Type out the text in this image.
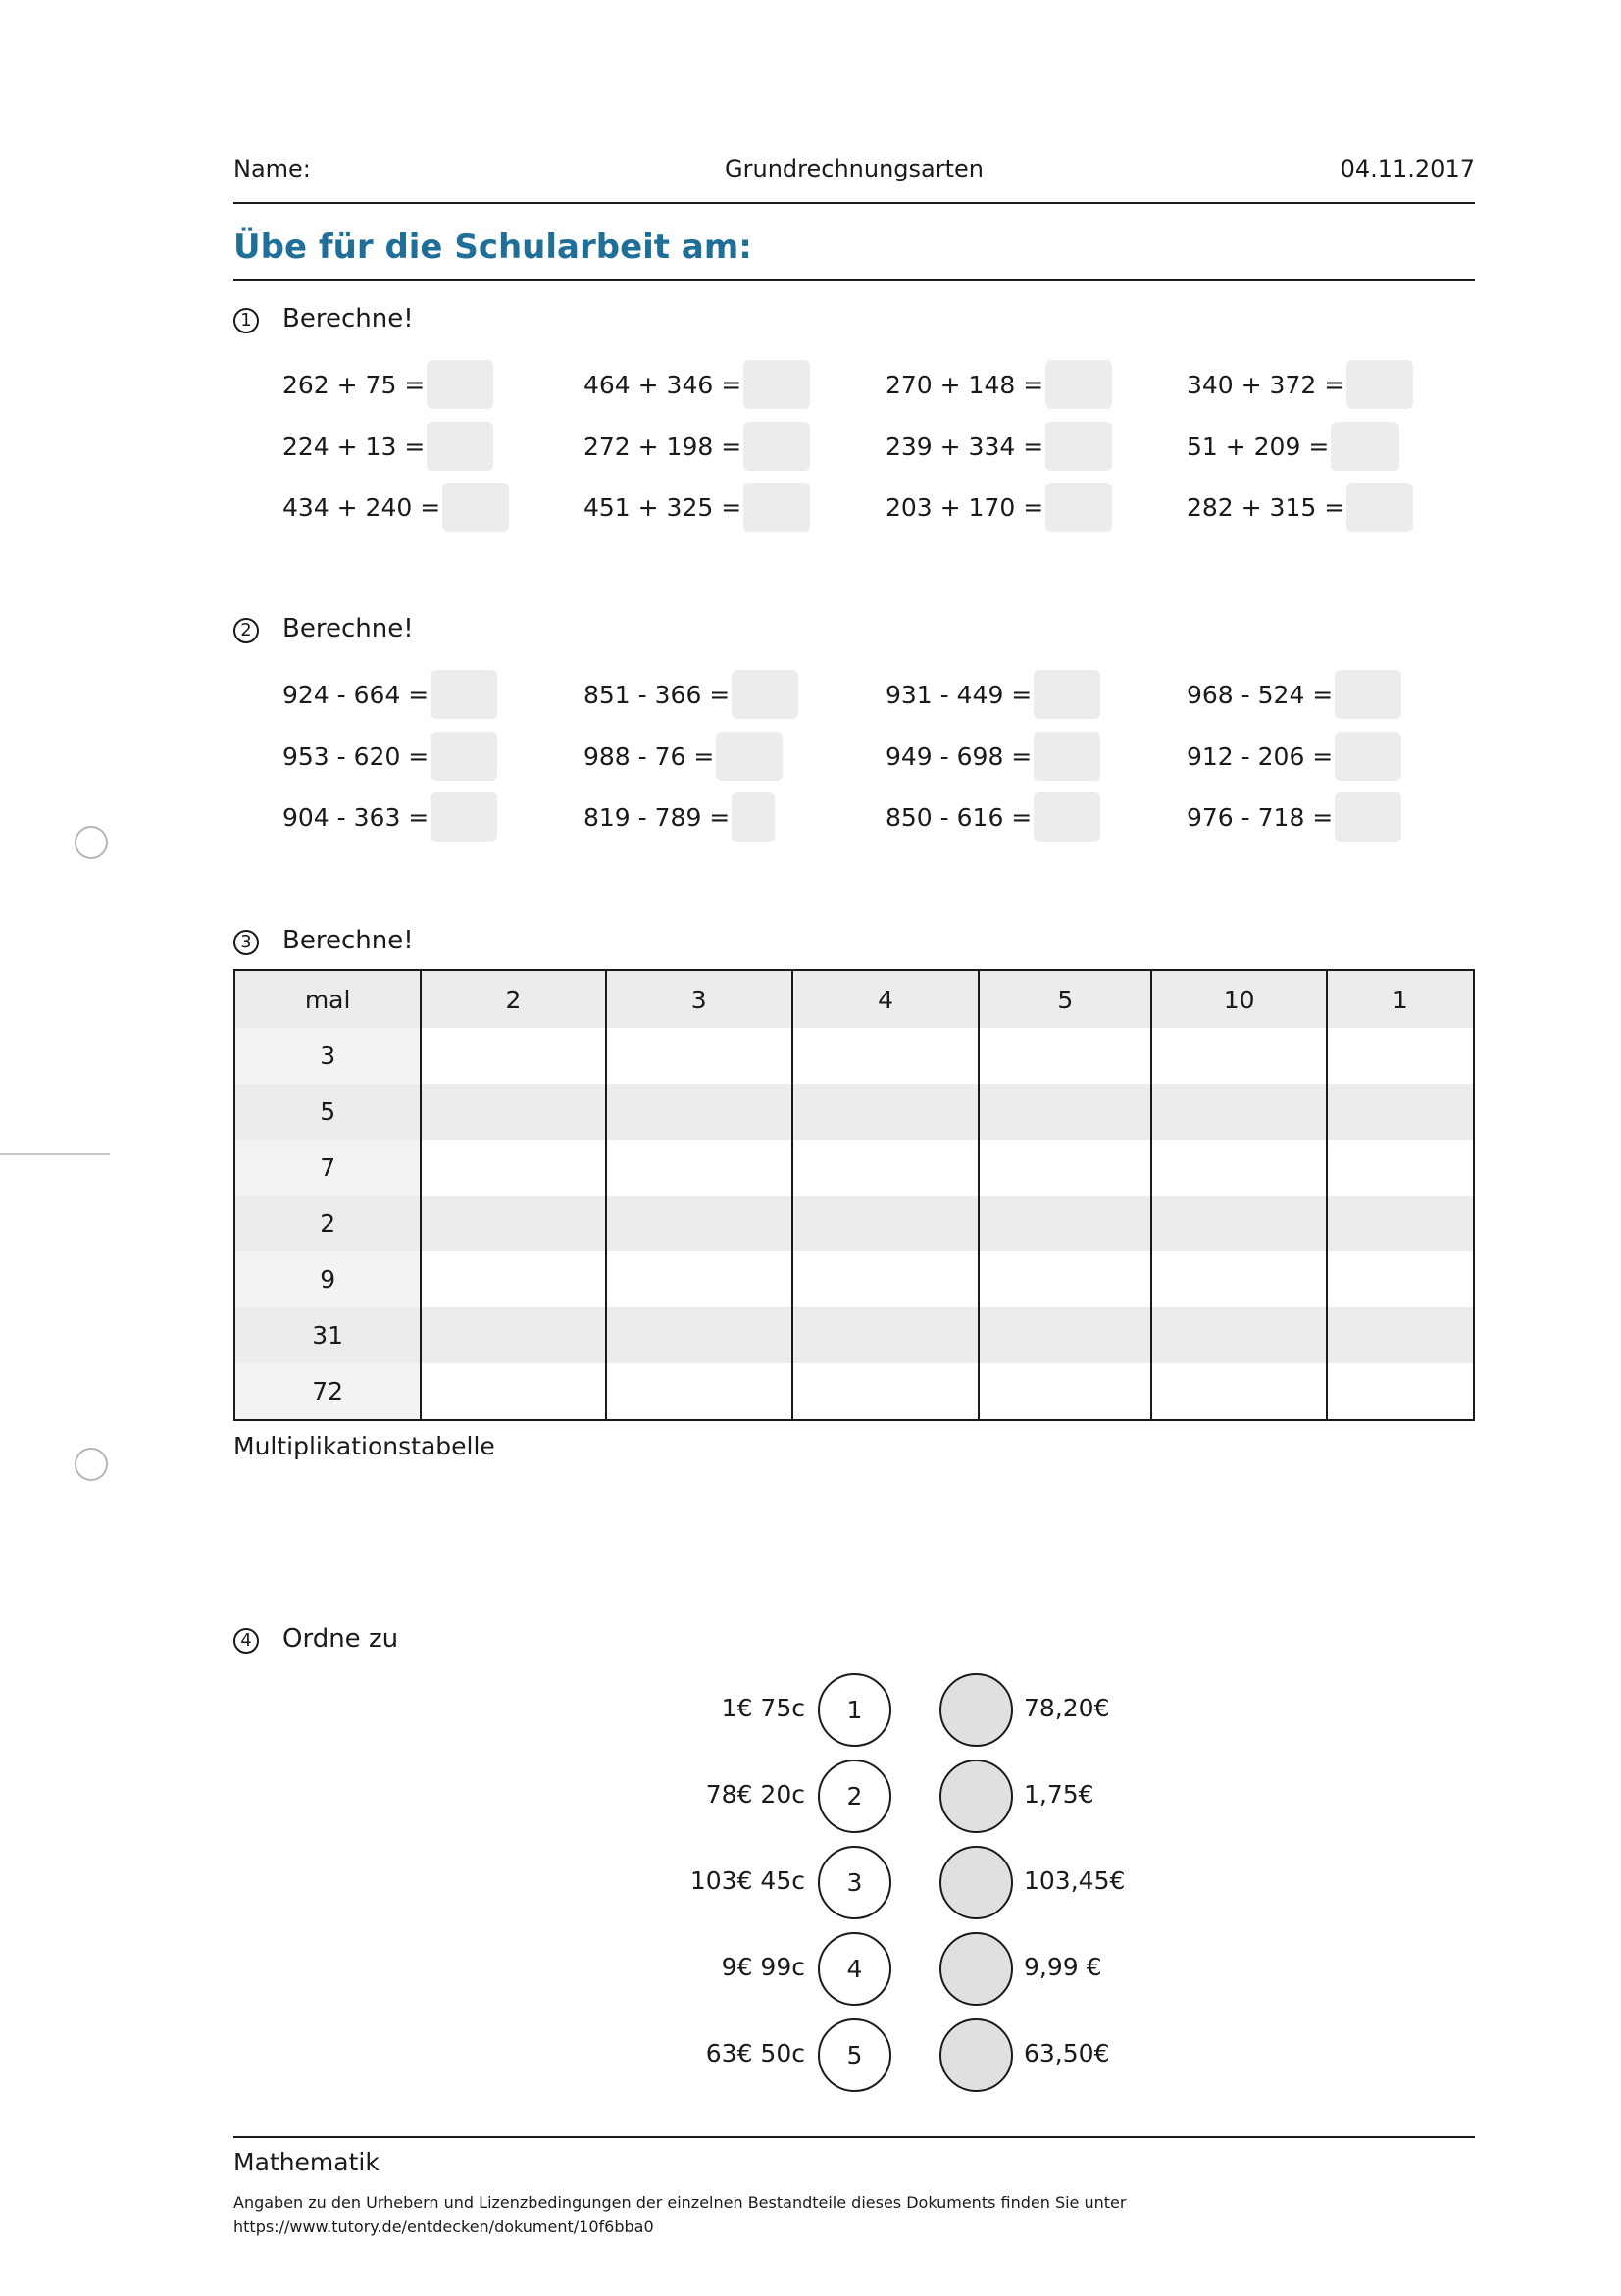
Name:	Grundrechnungsarten	04.11.2017
Übe für die Schularbeit am:
1 Berechne!
262 + 75 =	464 + 346 =	270 + 148 =	340 + 372 =
224 + 13 =	272 + 198 =	239 + 334 =	51 + 209 =
434 + 240 =	451 + 325 =	203 + 170 =	282 + 315 =
2 Berechne!
924 - 664 =	851 - 366 =	931 - 449 =	968 - 524 =
953 - 620 =	988 - 76 =	949 - 698 =	912 - 206 =
904 - 363 =	819 - 789 =	850 - 616 =	976 - 718 =
3 Berechne!
mal	2	3	4	5	10	1
3						
5						
7						
2						
9						
31						
72						
Multiplikationstabelle
4 Ordne zu
1€ 75c	1	78,20€
78€ 20c	2	1,75€
103€ 45c	3	103,45€
9€ 99c	4	9,99 €
63€ 50c	5	63,50€
Mathematik
Angaben zu den Urhebern und Lizenzbedingungen der einzelnen Bestandteile dieses Dokuments finden Sie unter
https://www.tutory.de/entdecken/dokument/10f6bba0
